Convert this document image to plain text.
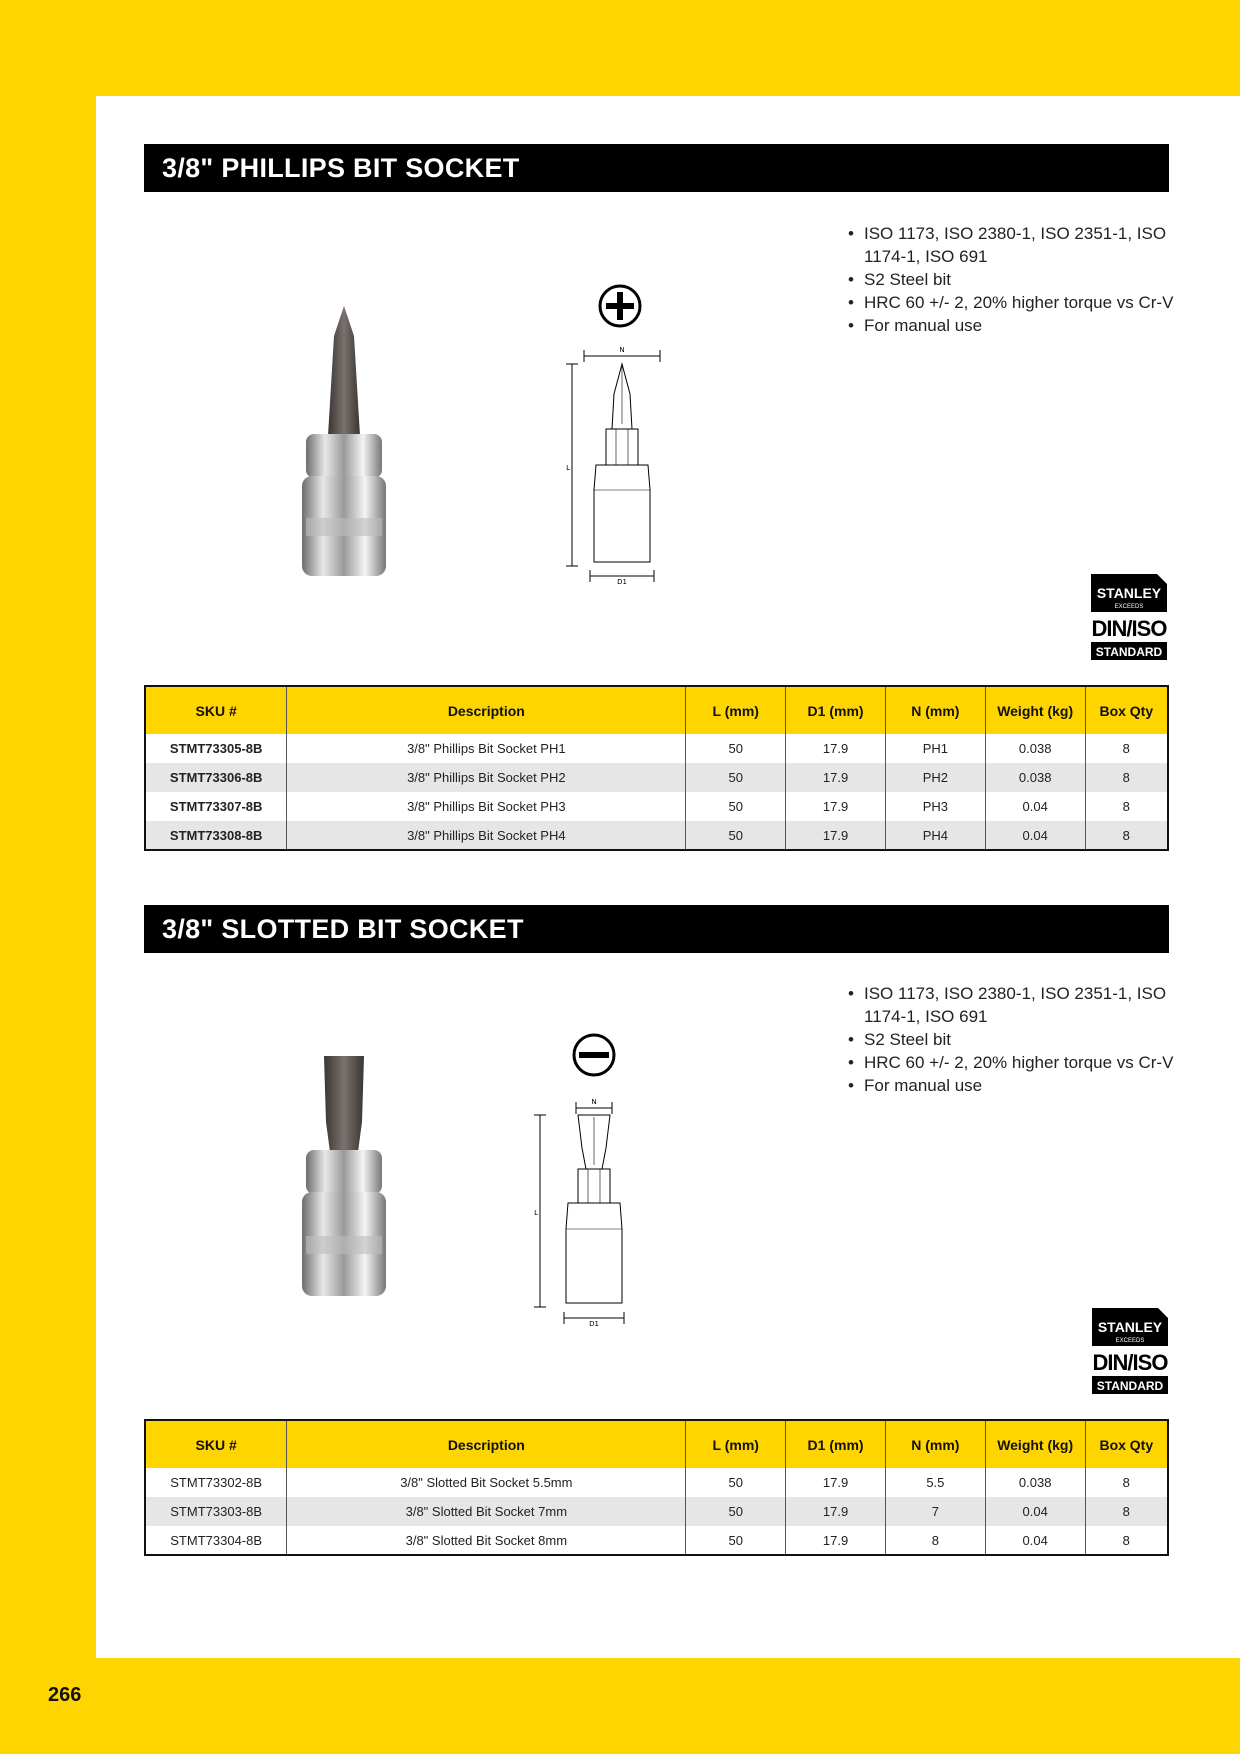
3/8" PHILLIPS BIT SOCKET
• ISO 1173, ISO 2380-1, ISO 2351-1, ISO 1174-1, ISO 691
• S2 Steel bit
• HRC 60 +/- 2, 20% higher torque vs Cr-V
• For manual use
N
L
D1
STANLEY
EXCEEDS
DIN/ISO
STANDARD
SKU #	Description	L (mm)	D1 (mm)	N (mm)	Weight (kg)	Box Qty
STMT73305-8B	3/8" Phillips Bit Socket PH1	50	17.9	PH1	0.038	8
STMT73306-8B	3/8" Phillips Bit Socket PH2	50	17.9	PH2	0.038	8
STMT73307-8B	3/8" Phillips Bit Socket PH3	50	17.9	PH3	0.04	8
STMT73308-8B	3/8" Phillips Bit Socket PH4	50	17.9	PH4	0.04	8
3/8" SLOTTED BIT SOCKET
• ISO 1173, ISO 2380-1, ISO 2351-1, ISO 1174-1, ISO 691
• S2 Steel bit
• HRC 60 +/- 2, 20% higher torque vs Cr-V
• For manual use
N
L
D1	STANLEY
EXCEEDS
DIN/ISO
STANDARD
SKU #	Description	L (mm)	D1 (mm)	N (mm)	Weight (kg)	Box Qty
STMT73302-8B	3/8" Slotted Bit Socket 5.5mm	50	17.9	5.5	0.038	8
STMT73303-8B	3/8" Slotted Bit Socket 7mm	50	17.9	7	0.04	8
STMT73304-8B	3/8" Slotted Bit Socket 8mm	50	17.9	8	0.04	8
266
